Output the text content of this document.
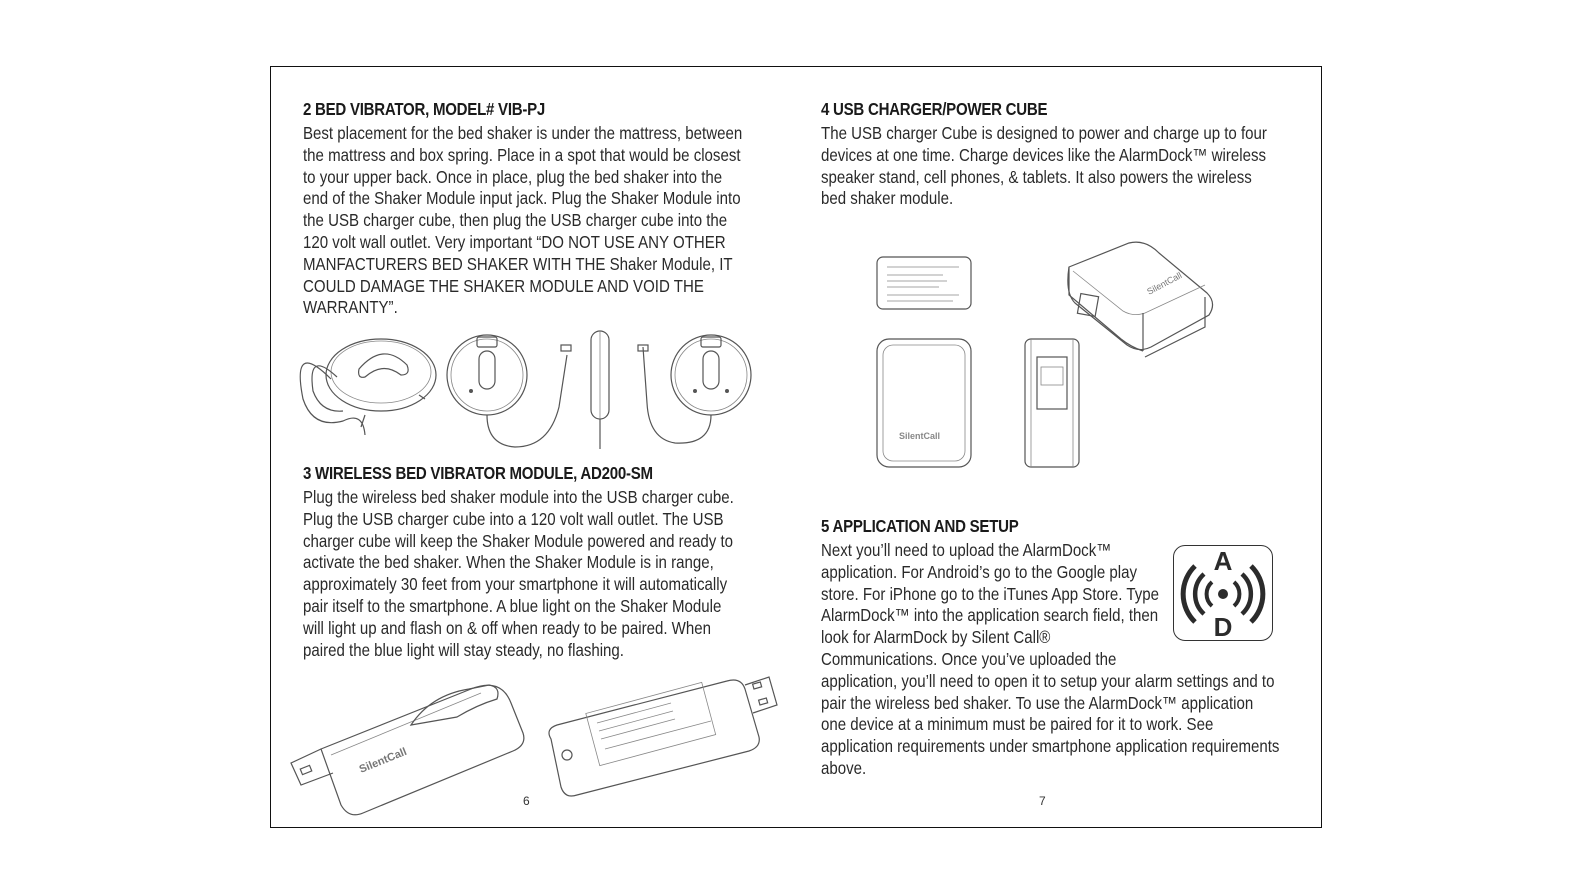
2 BED VIBRATOR, MODEL# VIB-PJ

Best placement for the bed shaker is under the mattress, between the mattress and box spring. Place in a spot that would be closest to your upper back. Once in place, plug the bed shaker into the end of the Shaker Module input jack. Plug the Shaker Module into the USB charger cube, then plug the USB charger cube into the 120 volt wall outlet. Very important “DO NOT USE ANY OTHER MANFACTURERS BED SHAKER WITH THE Shaker Module, IT COULD DAMAGE THE SHAKER MODULE AND VOID THE WARRANTY”.

3 WIRELESS BED VIBRATOR MODULE, AD200-SM

Plug the wireless bed shaker module into the USB charger cube. Plug the USB charger cube into a 120 volt wall outlet. The USB charger cube will keep the Shaker Module powered and ready to activate the bed shaker. When the Shaker Module is in range, approximately 30 feet from your smartphone it will automatically pair itself to the smartphone. A blue light on the Shaker Module will light up and flash on & off when ready to be paired. When paired the blue light will stay steady, no flashing.

SilentCall
6
4 USB CHARGER/POWER CUBE

The USB charger Cube is designed to power and charge up to four devices at one time. Charge devices like the AlarmDock™ wireless speaker stand, cell phones, & tablets. It also powers the wireless bed shaker module.

SilentCall
SilentCall
5 APPLICATION AND SETUP

Next you’ll need to upload the AlarmDock™ application. For Android’s go to the Google play store. For iPhone go to the iTunes App Store. Type AlarmDock™ into the application search field, then look for AlarmDock by Silent Call® Communications. Once you’ve uploaded the application, you’ll need to open it to setup your alarm settings and to pair the wireless bed shaker. To use the AlarmDock™ application one device at a minimum must be paired for it to work. See application requirements under smartphone application requirements above.

A
D
7
